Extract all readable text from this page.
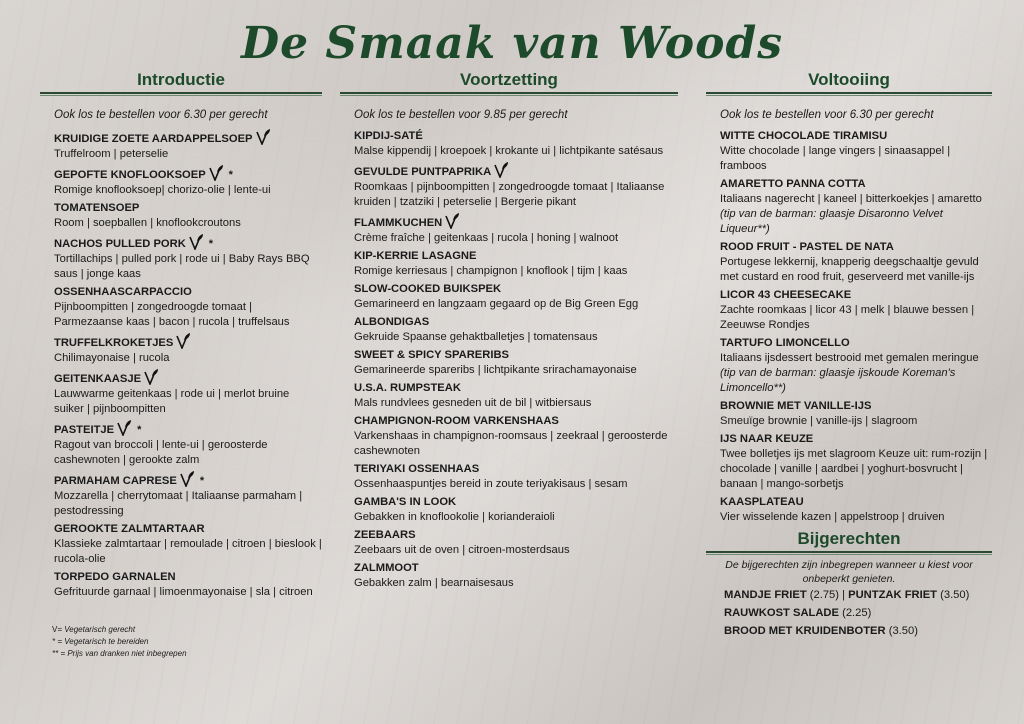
De Smaak van Woods
Introductie
Ook los te bestellen voor 6.30 per gerecht
KRUIDIGE ZOETE AARDAPPELSOEP
Truffelroom | peterselie
GEPOFTE KNOFLOOKSOEP *
Romige knoflooksoep| chorizo-olie | lente-ui
TOMATENSOEP
Room | soepballen | knoflookcroutons
NACHOS PULLED PORK *
Tortillachips | pulled pork | rode ui | Baby Rays BBQ saus | jonge kaas
OSSENHAASCARPACCIO
Pijnboompitten | zongedroogde tomaat | Parmezaanse kaas | bacon | rucola | truffelsaus
TRUFFELKROKETJES
Chilimayonaise | rucola
GEITENKAASJE
Lauwwarme geitenkaas | rode ui | merlot bruine suiker | pijnboompitten
PASTEITJE *
Ragout van broccoli | lente-ui | geroosterde cashewnoten | gerookte zalm
PARMAHAM CAPRESE *
Mozzarella | cherrytomaat | Italiaanse parmaham | pestodressing
GEROOKTE ZALMTARTAAR
Klassieke zalmtartaar | remoulade | citroen | bieslook | rucola-olie
TORPEDO GARNALEN
Gefrituurde garnaal | limoenmayonaise | sla | citroen
V= Vegetarisch gerecht
* = Vegetarisch te bereiden
** = Prijs van dranken niet inbegrepen
Voortzetting
Ook los te bestellen voor 9.85 per gerecht
KIPDIJ-SATÉ
Malse kippendij | kroepoek | krokante ui | lichtpikante satésaus
GEVULDE PUNTPAPRIKA
Roomkaas | pijnboompitten | zongedroogde tomaat | Italiaanse kruiden | tzatziki | peterselie | Bergerie pikant
FLAMMKUCHEN
Crème fraîche | geitenkaas | rucola | honing | walnoot
KIP-KERRIE LASAGNE
Romige kerriesaus | champignon | knoflook | tijm | kaas
SLOW-COOKED BUIKSPEK
Gemarineerd en langzaam gegaard op de Big Green Egg
ALBONDIGAS
Gekruide Spaanse gehaktballetjes | tomatensaus
SWEET & SPICY SPARERIBS
Gemarineerde spareribs | lichtpikante srirachamayonaise
U.S.A. RUMPSTEAK
Mals rundvlees gesneden uit de bil | witbiersaus
CHAMPIGNON-ROOM VARKENSHAAS
Varkenshaas in champignon-roomsaus | zeekraal | geroosterde cashewnoten
TERIYAKI OSSENHAAS
Ossenhaaspuntjes bereid in zoute teriyakisaus | sesam
GAMBA'S IN LOOK
Gebakken in knoflookolie | korianderaioli
ZEEBAARS
Zeebaars uit de oven | citroen-mosterdsaus
ZALMMOOT
Gebakken zalm | bearnaisesaus
Voltooiing
Ook los te bestellen voor 6.30 per gerecht
WITTE CHOCOLADE TIRAMISU
Witte chocolade | lange vingers | sinaasappel | framboos
AMARETTO PANNA COTTA
Italiaans nagerecht | kaneel | bitterkoekjes | amaretto (tip van de barman: glaasje Disaronno Velvet Liqueur**)
ROOD FRUIT - PASTEL DE NATA
Portugese lekkernij, knapperig deegschaaltje gevuld met custard en rood fruit, geserveerd met vanille-ijs
LICOR 43 CHEESECAKE
Zachte roomkaas | licor 43 | melk | blauwe bessen | Zeeuwse Rondjes
TARTUFO LIMONCELLO
Italiaans ijsdessert bestrooid met gemalen meringue (tip van de barman: glaasje ijskoude Koreman's Limoncello**)
BROWNIE MET VANILLE-IJS
Smeuïge brownie | vanille-ijs | slagroom
IJS NAAR KEUZE
Twee bolletjes ijs met slagroom Keuze uit: rum-rozijn | chocolade | vanille | aardbei | yoghurt-bosvrucht | banaan | mango-sorbetjs
KAASPLATEAU
Vier wisselende kazen | appelstroop | druiven
Bijgerechten
De bijgerechten zijn inbegrepen wanneer u kiest voor onbeperkt genieten.
MANDJE FRIET (2.75) | PUNTZAK FRIET (3.50)
RAUWKOST SALADE (2.25)
BROOD MET KRUIDENBOTER (3.50)
